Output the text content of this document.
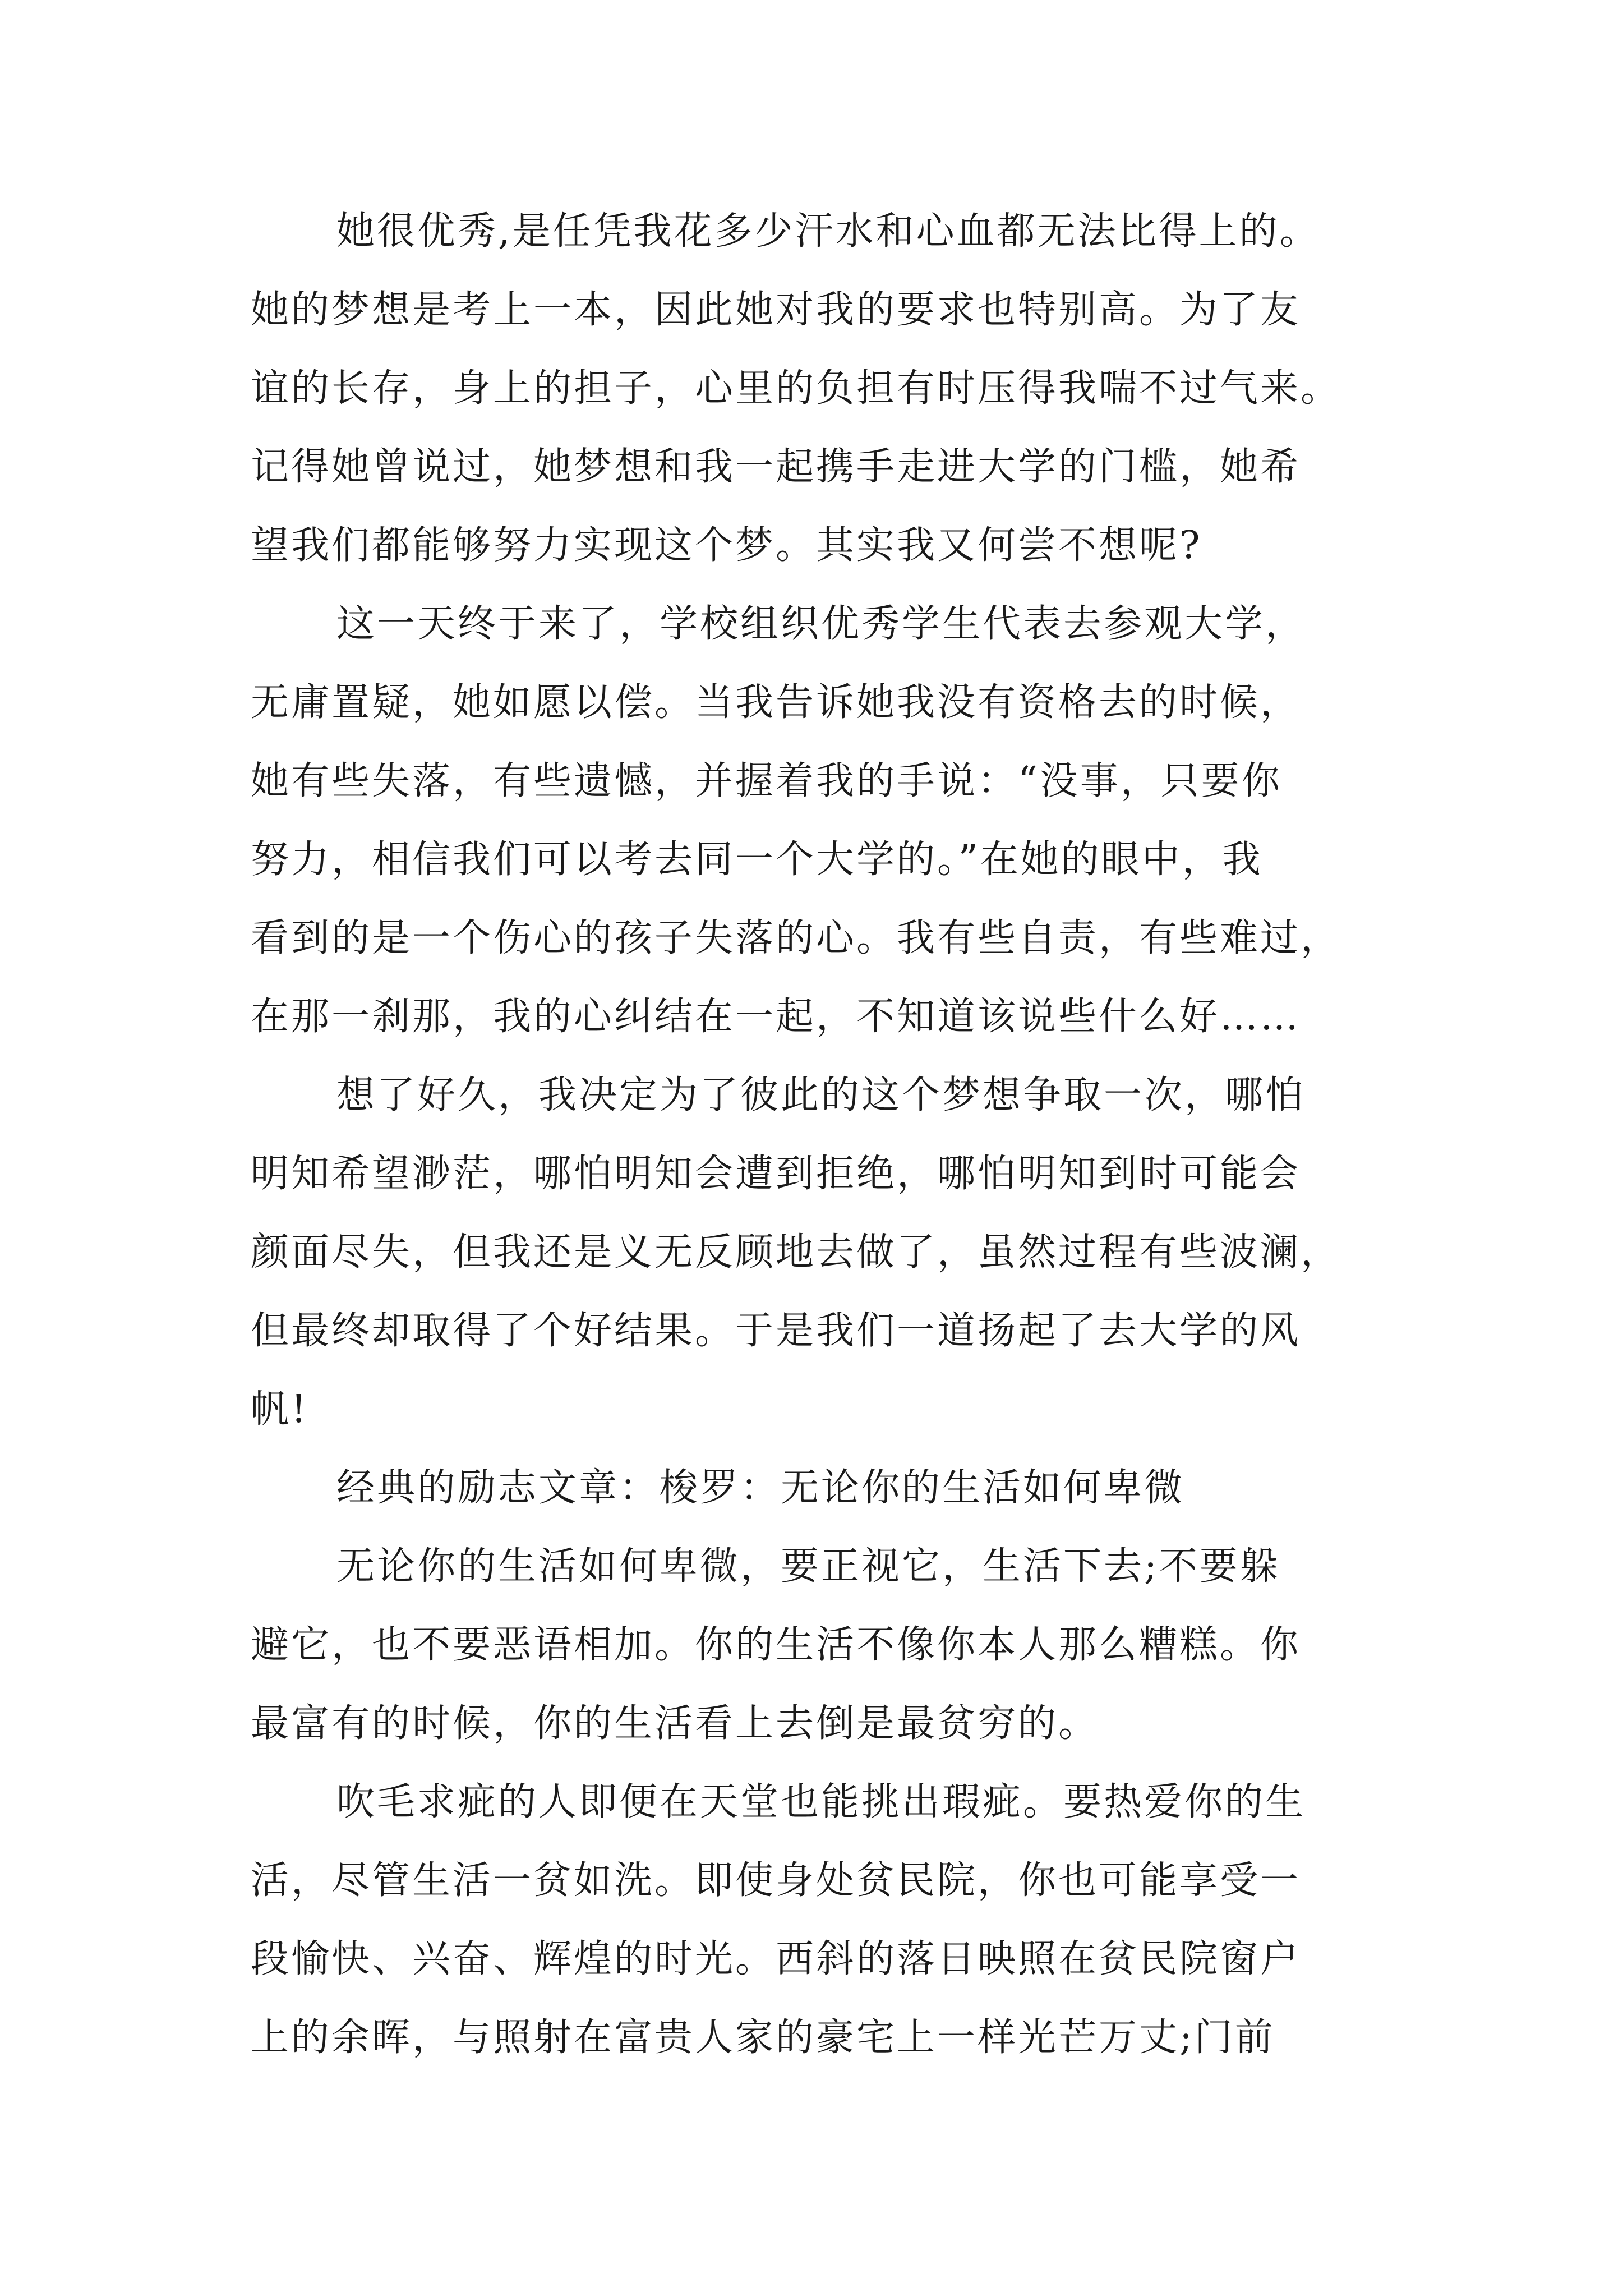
她很优秀,是任凭我花多少汗水和心血都无法比得上的。

她的梦想是考上一本，因此她对我的要求也特别高。为了友

谊的长存，身上的担子，心里的负担有时压得我喘不过气来。

记得她曾说过，她梦想和我一起携手走进大学的门槛，她希

望我们都能够努力实现这个梦。其实我又何尝不想呢?

这一天终于来了，学校组织优秀学生代表去参观大学，

无庸置疑，她如愿以偿。当我告诉她我没有资格去的时候，

她有些失落，有些遗憾，并握着我的手说：“没事，只要你

努力，相信我们可以考去同一个大学的。”在她的眼中，我

看到的是一个伤心的孩子失落的心。我有些自责，有些难过，

在那一刹那，我的心纠结在一起，不知道该说些什么好……

想了好久，我决定为了彼此的这个梦想争取一次，哪怕

明知希望渺茫，哪怕明知会遭到拒绝，哪怕明知到时可能会

颜面尽失，但我还是义无反顾地去做了，虽然过程有些波澜，

但最终却取得了个好结果。于是我们一道扬起了去大学的风

帆!

经典的励志文章：梭罗：无论你的生活如何卑微

无论你的生活如何卑微，要正视它，生活下去;不要躲

避它，也不要恶语相加。你的生活不像你本人那么糟糕。你

最富有的时候，你的生活看上去倒是最贫穷的。

吹毛求疵的人即便在天堂也能挑出瑕疵。要热爱你的生

活，尽管生活一贫如洗。即使身处贫民院，你也可能享受一

段愉快、兴奋、辉煌的时光。西斜的落日映照在贫民院窗户

上的余晖，与照射在富贵人家的豪宅上一样光芒万丈;门前
